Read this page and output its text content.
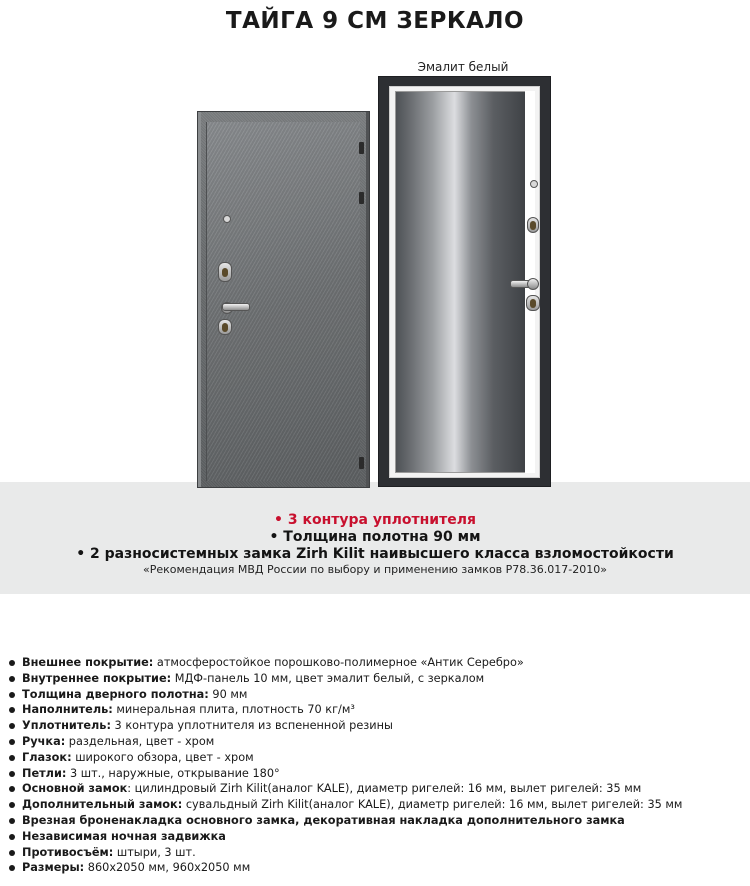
ТАЙГА 9 СМ ЗЕРКАЛО
Эмалит белый
• 3 контура уплотнителя
• Толщина полотна 90 мм
• 2 разносистемных замка Zirh Kilit наивысшего класса взломостойкости
«Рекомендация МВД России по выбору и применению замков Р78.36.017-2010»
Внешнее покрытие: атмосферостойкое порошково-полимерное «Антик Серебро»
Внутреннее покрытие: МДФ-панель 10 мм, цвет эмалит белый, с зеркалом
Толщина дверного полотна: 90 мм
Наполнитель: минеральная плита, плотность 70 кг/м³
Уплотнитель: 3 контура уплотнителя из вспененной резины
Ручка: раздельная, цвет - хром
Глазок: широкого обзора, цвет - хром
Петли: 3 шт., наружные, открывание 180°
Основной замок: цилиндровый Zirh Kilit(аналог KALE), диаметр ригелей: 16 мм, вылет ригелей: 35 мм
Дополнительный замок: сувальдный Zirh Kilit(аналог KALE), диаметр ригелей: 16 мм, вылет ригелей: 35 мм
Врезная броненакладка основного замка, декоративная накладка дополнительного замка
Независимая ночная задвижка
Противосъём: штыри, 3 шт.
Размеры: 860х2050 мм, 960х2050 мм
